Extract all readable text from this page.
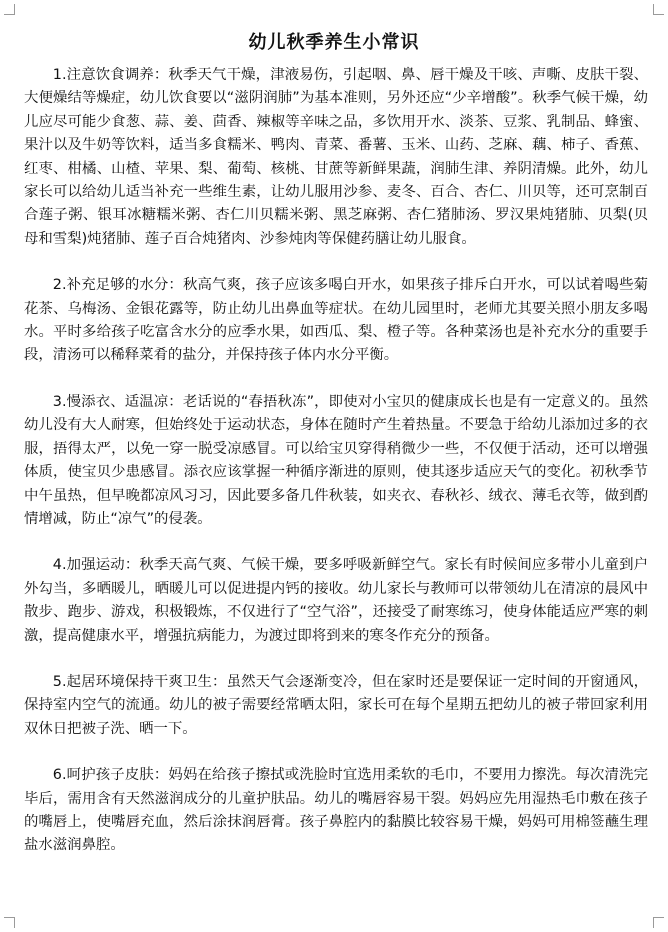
幼儿秋季养生小常识

1.注意饮食调养：秋季天气干燥，津液易伤，引起咽、鼻、唇干燥及干咳、声嘶、皮肤干裂、大便燥结等燥症，幼儿饮食要以“滋阴润肺”为基本准则，另外还应“少辛增酸”。秋季气候干燥，幼儿应尽可能少食葱、蒜、姜、茴香、辣椒等辛味之品，多饮用开水、淡茶、豆浆、乳制品、蜂蜜、果汁以及牛奶等饮料，适当多食糯米、鸭肉、青菜、番薯、玉米、山药、芝麻、藕、柿子、香蕉、红枣、柑橘、山楂、苹果、梨、葡萄、核桃、甘蔗等新鲜果蔬，润肺生津、养阴清燥。此外，幼儿家长可以给幼儿适当补充一些维生素，让幼儿服用沙参、麦冬、百合、杏仁、川贝等，还可烹制百合莲子粥、银耳冰糖糯米粥、杏仁川贝糯米粥、黑芝麻粥、杏仁猪肺汤、罗汉果炖猪肺、贝梨(贝母和雪梨)炖猪肺、莲子百合炖猪肉、沙参炖肉等保健药膳让幼儿服食。

2.补充足够的水分：秋高气爽，孩子应该多喝白开水，如果孩子排斥白开水，可以试着喝些菊花茶、乌梅汤、金银花露等，防止幼儿出鼻血等症状。在幼儿园里时，老师尤其要关照小朋友多喝水。平时多给孩子吃富含水分的应季水果，如西瓜、梨、橙子等。各种菜汤也是补充水分的重要手段，清汤可以稀释菜肴的盐分，并保持孩子体内水分平衡。

3.慢添衣、适温凉：老话说的“春捂秋冻”，即使对小宝贝的健康成长也是有一定意义的。虽然幼儿没有大人耐寒，但始终处于运动状态，身体在随时产生着热量。不要急于给幼儿添加过多的衣服，捂得太严，以免一穿一脱受凉感冒。可以给宝贝穿得稍微少一些，不仅便于活动，还可以增强体质，使宝贝少患感冒。添衣应该掌握一种循序渐进的原则，使其逐步适应天气的变化。初秋季节中午虽热，但早晚都凉风习习，因此要多备几件秋装，如夹衣、春秋衫、绒衣、薄毛衣等，做到酌情增减，防止“凉气”的侵袭。

4.加强运动：秋季天高气爽、气候干燥，要多呼吸新鲜空气。家长有时候间应多带小儿童到户外勾当，多晒暖儿，晒暖儿可以促进提内钙的接收。幼儿家长与教师可以带领幼儿在清凉的晨风中散步、跑步、游戏，积极锻炼，不仅进行了“空气浴”，还接受了耐寒练习，使身体能适应严寒的刺激，提高健康水平，增强抗病能力，为渡过即将到来的寒冬作充分的预备。

5.起居环境保持干爽卫生：虽然天气会逐渐变冷，但在家时还是要保证一定时间的开窗通风，保持室内空气的流通。幼儿的被子需要经常晒太阳，家长可在每个星期五把幼儿的被子带回家利用双休日把被子洗、晒一下。

6.呵护孩子皮肤：妈妈在给孩子擦拭或洗脸时宜选用柔软的毛巾，不要用力擦洗。每次清洗完毕后，需用含有天然滋润成分的儿童护肤品。幼儿的嘴唇容易干裂。妈妈应先用湿热毛巾敷在孩子的嘴唇上，使嘴唇充血，然后涂抹润唇膏。孩子鼻腔内的黏膜比较容易干燥，妈妈可用棉签蘸生理盐水滋润鼻腔。
